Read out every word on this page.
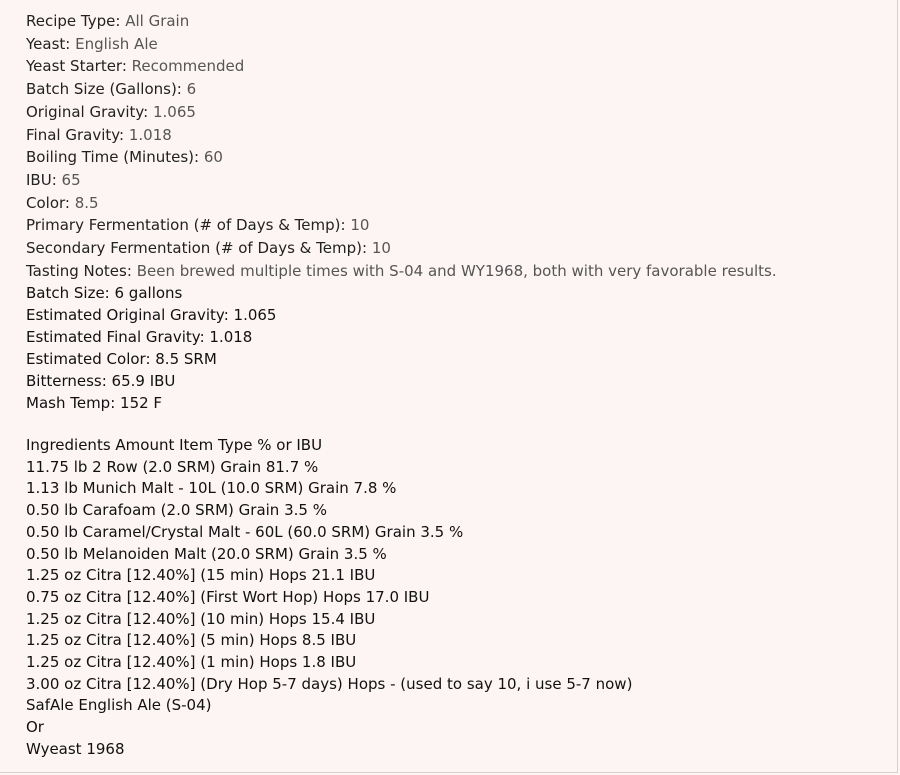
Recipe Type: All Grain
Yeast: English Ale
Yeast Starter: Recommended
Batch Size (Gallons): 6
Original Gravity: 1.065
Final Gravity: 1.018
Boiling Time (Minutes): 60
IBU: 65
Color: 8.5
Primary Fermentation (# of Days & Temp): 10
Secondary Fermentation (# of Days & Temp): 10
Tasting Notes: Been brewed multiple times with S-04 and WY1968, both with very favorable results.
Batch Size: 6 gallons
Estimated Original Gravity: 1.065
Estimated Final Gravity: 1.018
Estimated Color: 8.5 SRM
Bitterness: 65.9 IBU
Mash Temp: 152 F
Ingredients Amount Item Type % or IBU
11.75 lb 2 Row (2.0 SRM) Grain 81.7 %
1.13 lb Munich Malt - 10L (10.0 SRM) Grain 7.8 %
0.50 lb Carafoam (2.0 SRM) Grain 3.5 %
0.50 lb Caramel/Crystal Malt - 60L (60.0 SRM) Grain 3.5 %
0.50 lb Melanoiden Malt (20.0 SRM) Grain 3.5 %
1.25 oz Citra [12.40%] (15 min) Hops 21.1 IBU
0.75 oz Citra [12.40%] (First Wort Hop) Hops 17.0 IBU
1.25 oz Citra [12.40%] (10 min) Hops 15.4 IBU
1.25 oz Citra [12.40%] (5 min) Hops 8.5 IBU
1.25 oz Citra [12.40%] (1 min) Hops 1.8 IBU
3.00 oz Citra [12.40%] (Dry Hop 5-7 days) Hops - (used to say 10, i use 5-7 now)
SafAle English Ale (S-04)
Or
Wyeast 1968
